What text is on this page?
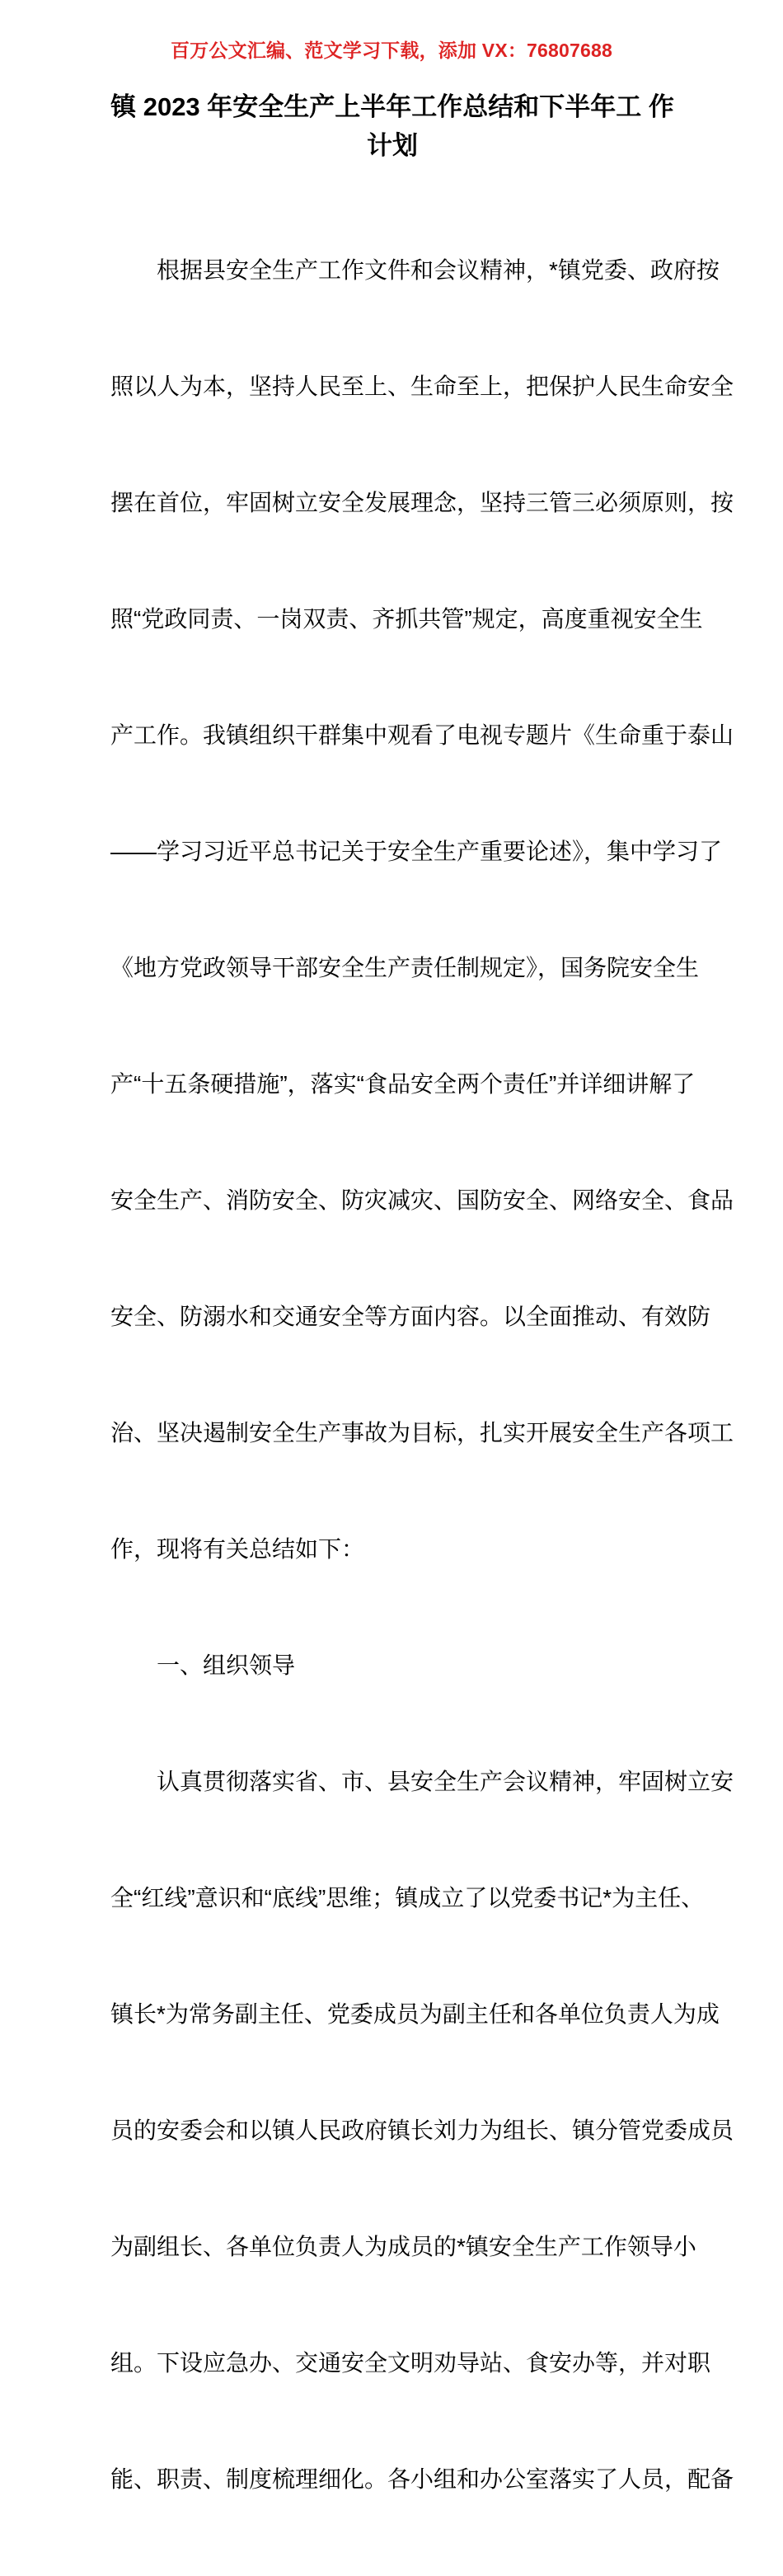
百万公文汇编、范文学习下载，添加 VX：76807688
镇 2023 年安全生产上半年工作总结和下半年工 作计划

　　根据县安全生产工作文件和会议精神，*镇党委、政府按

照以人为本，坚持人民至上、生命至上，把保护人民生命安全

摆在首位，牢固树立安全发展理念，坚持三管三必须原则，按

照“党政同责、一岗双责、齐抓共管”规定，高度重视安全生

产工作。我镇组织干群集中观看了电视专题片《生命重于泰山

——学习习近平总书记关于安全生产重要论述》，集中学习了

《地方党政领导干部安全生产责任制规定》，国务院安全生

产“十五条硬措施”，落实“食品安全两个责任”并详细讲解了

安全生产、消防安全、防灾减灾、国防安全、网络安全、食品

安全、防溺水和交通安全等方面内容。以全面推动、有效防

治、坚决遏制安全生产事故为目标，扎实开展安全生产各项工

作，现将有关总结如下：

　　一、组织领导

　　认真贯彻落实省、市、县安全生产会议精神，牢固树立安

全“红线”意识和“底线”思维；镇成立了以党委书记*为主任、

镇长*为常务副主任、党委成员为副主任和各单位负责人为成

员的安委会和以镇人民政府镇长刘力为组长、镇分管党委成员

为副组长、各单位负责人为成员的*镇安全生产工作领导小

组。下设应急办、交通安全文明劝导站、食安办等，并对职

能、职责、制度梳理细化。各小组和办公室落实了人员，配备
